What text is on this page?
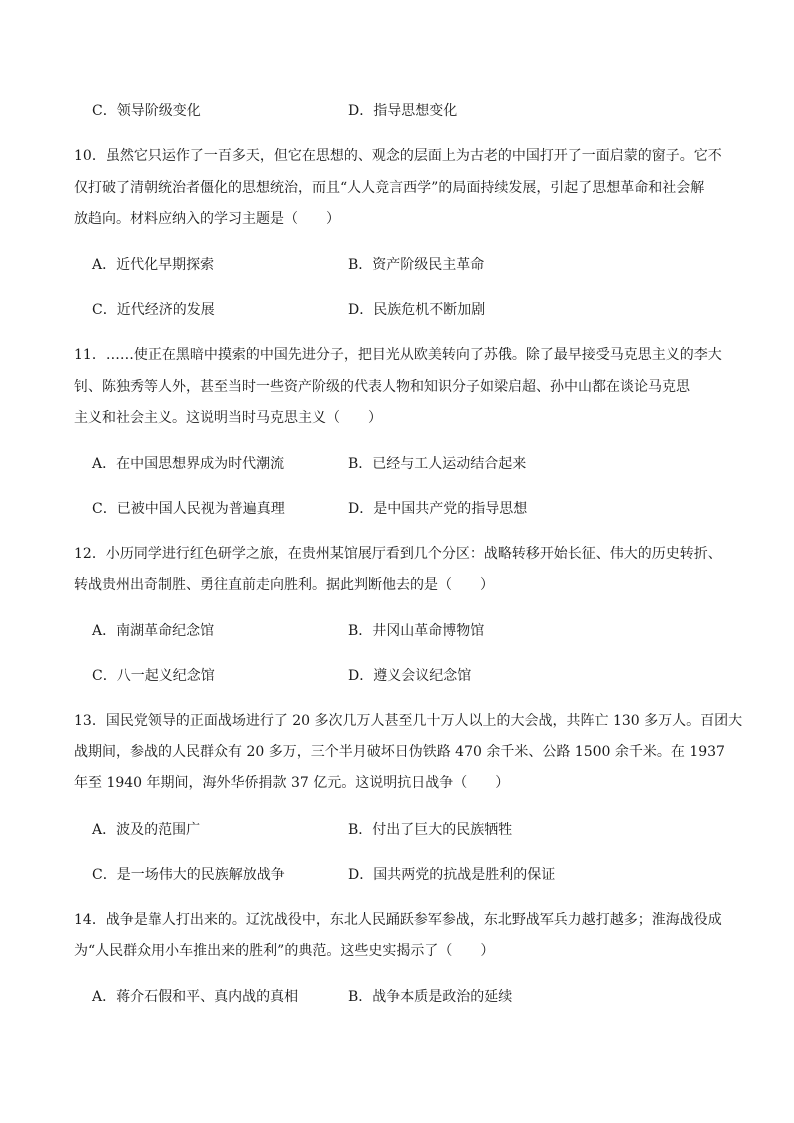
C．领导阶级变化	D．指导思想变化
10．虽然它只运作了一百多天，但它在思想的、观念的层面上为古老的中国打开了一面启蒙的窗子。它不
仅打破了清朝统治者僵化的思想统治，而且“人人竞言西学”的局面持续发展，引起了思想革命和社会解
放趋向。材料应纳入的学习主题是（　　）
A．近代化早期探索	B．资产阶级民主革命
C．近代经济的发展	D．民族危机不断加剧
11．……使正在黑暗中摸索的中国先进分子，把目光从欧美转向了苏俄。除了最早接受马克思主义的李大
钊、陈独秀等人外，甚至当时一些资产阶级的代表人物和知识分子如梁启超、孙中山都在谈论马克思
主义和社会主义。这说明当时马克思主义（　　）
A．在中国思想界成为时代潮流	B．已经与工人运动结合起来
C．已被中国人民视为普遍真理	D．是中国共产党的指导思想
12．小历同学进行红色研学之旅，在贵州某馆展厅看到几个分区：战略转移开始长征、伟大的历史转折、
转战贵州出奇制胜、勇往直前走向胜利。据此判断他去的是（　　）
A．南湖革命纪念馆	B．井冈山革命博物馆
C．八一起义纪念馆	D．遵义会议纪念馆
13．国民党领导的正面战场进行了 20 多次几万人甚至几十万人以上的大会战，共阵亡 130 多万人。百团大
战期间，参战的人民群众有 20 多万，三个半月破坏日伪铁路 470 余千米、公路 1500 余千米。在 1937
年至 1940 年期间，海外华侨捐款 37 亿元。这说明抗日战争（　　）
A．波及的范围广	B．付出了巨大的民族牺牲
C．是一场伟大的民族解放战争	D．国共两党的抗战是胜利的保证
14．战争是靠人打出来的。辽沈战役中，东北人民踊跃参军参战，东北野战军兵力越打越多；淮海战役成
为“人民群众用小车推出来的胜利”的典范。这些史实揭示了（　　）
A．蒋介石假和平、真内战的真相	B．战争本质是政治的延续
